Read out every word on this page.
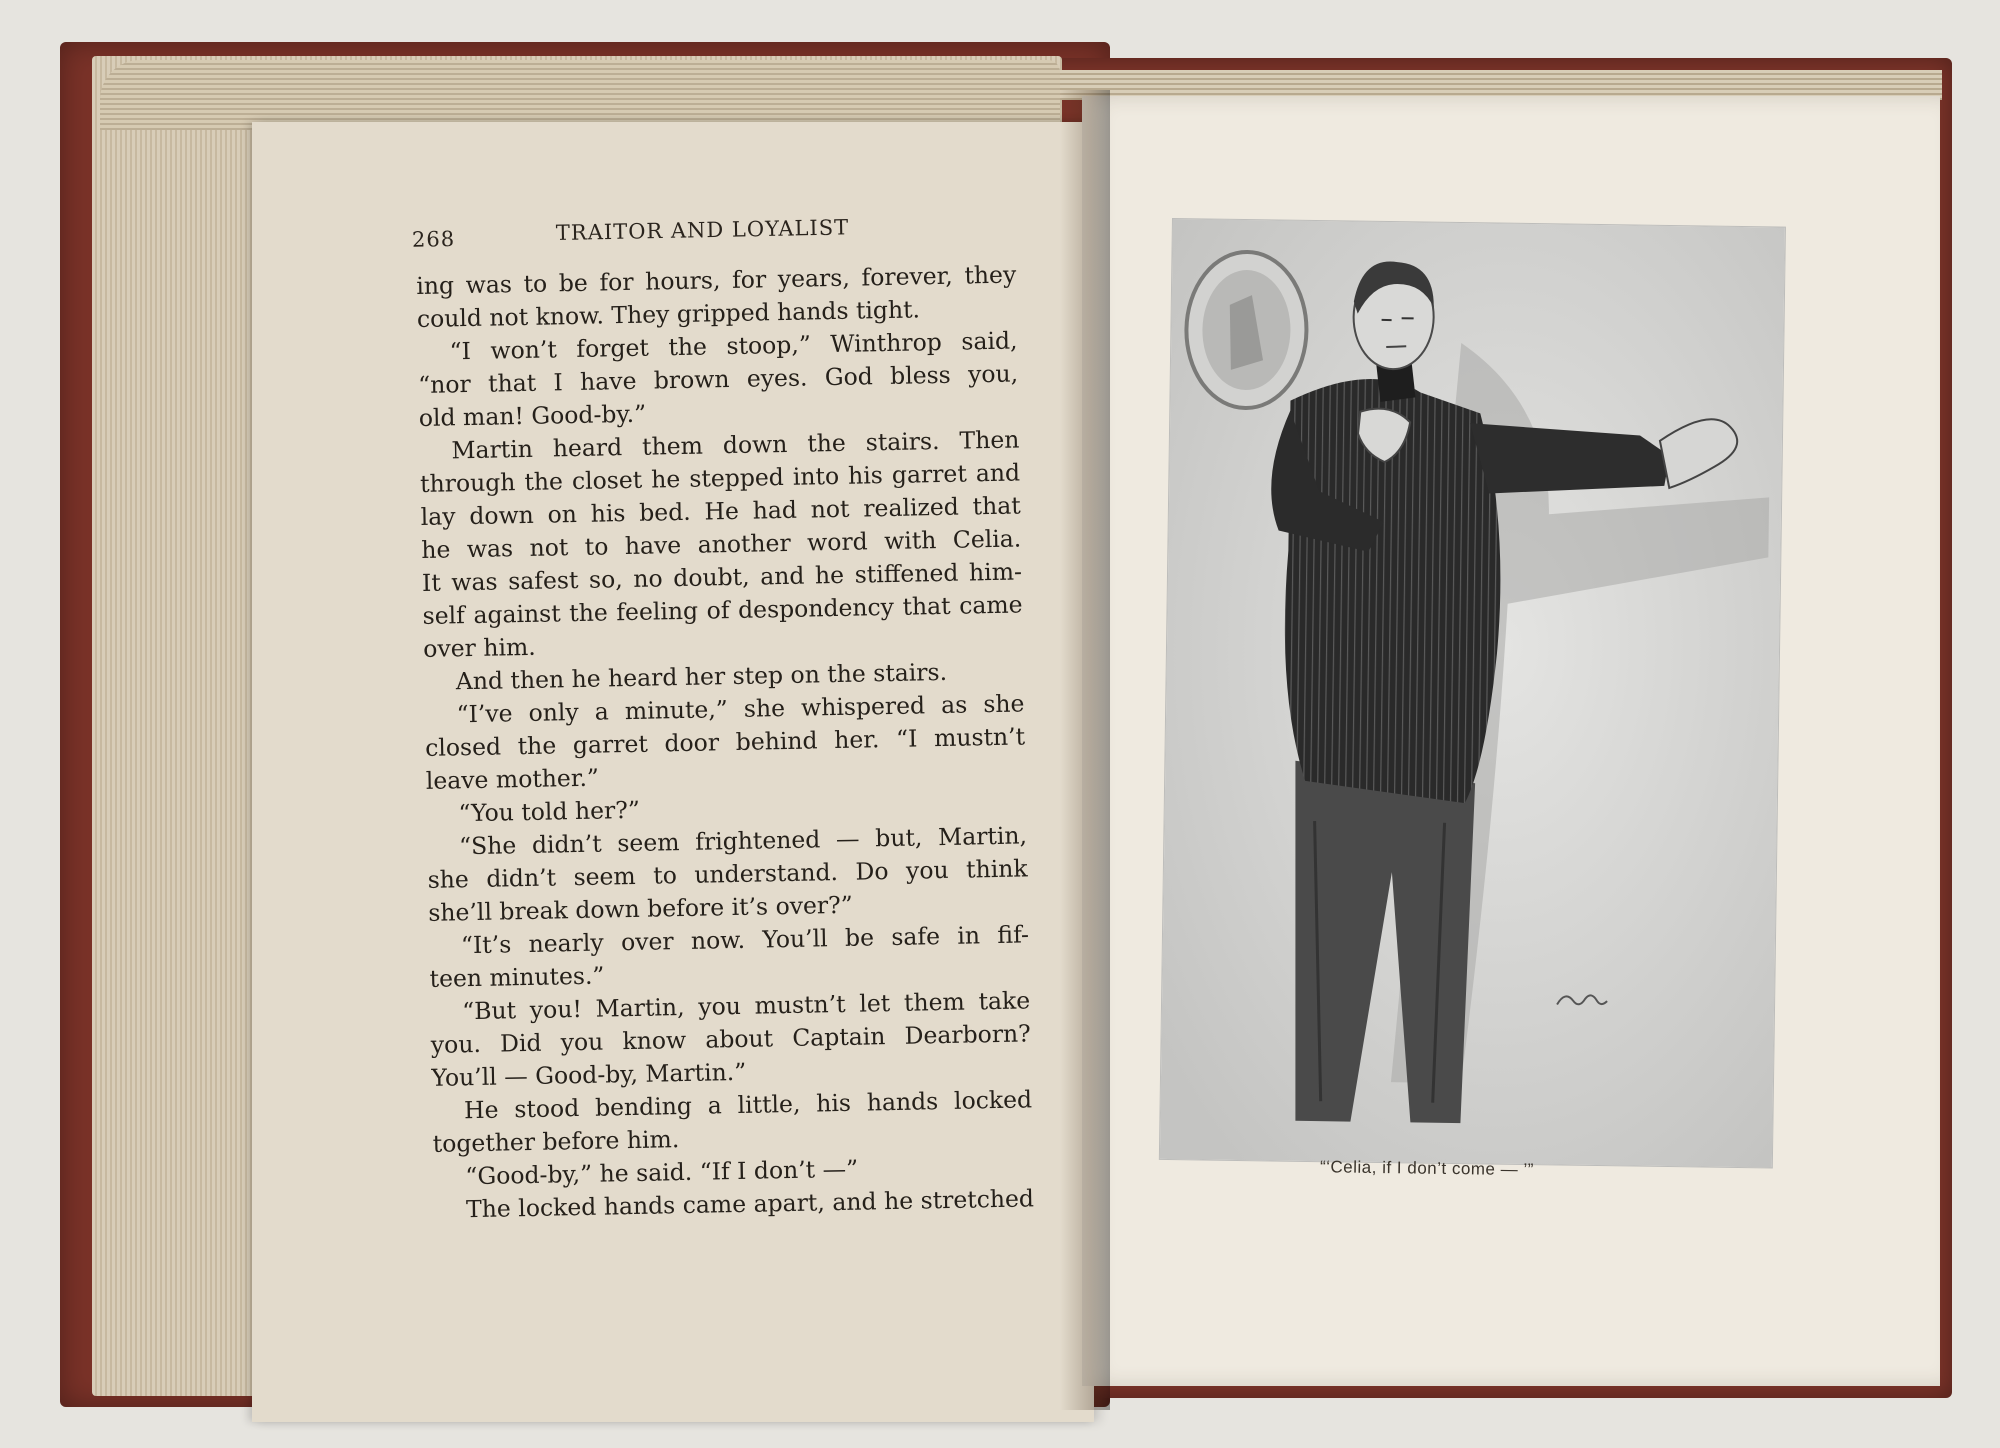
268	TRAITOR AND LOYALIST
ing was to be for hours, for years, forever, they
could not know. They gripped hands tight.
“I won’t forget the stoop,” Winthrop said,
“nor that I have brown eyes. God bless you,
old man! Good-by.”
Martin heard them down the stairs. Then
through the closet he stepped into his garret and
lay down on his bed. He had not realized that
he was not to have another word with Celia.
It was safest so, no doubt, and he stiffened him-
self against the feeling of despondency that came
over him.
And then he heard her step on the stairs.
“I’ve only a minute,” she whispered as she
closed the garret door behind her. “I mustn’t
leave mother.”
“You told her?”
“She didn’t seem frightened — but, Martin,
she didn’t seem to understand. Do you think
she’ll break down before it’s over?”
“It’s nearly over now. You’ll be safe in fif-
teen minutes.”
“But you! Martin, you mustn’t let them take
you. Did you know about Captain Dearborn?
You’ll — Good-by, Martin.”
He stood bending a little, his hands locked
together before him.
“Good-by,” he said. “If I don’t —”
The locked hands came apart, and he stretched
“‘Celia, if I don’t come — ’”
